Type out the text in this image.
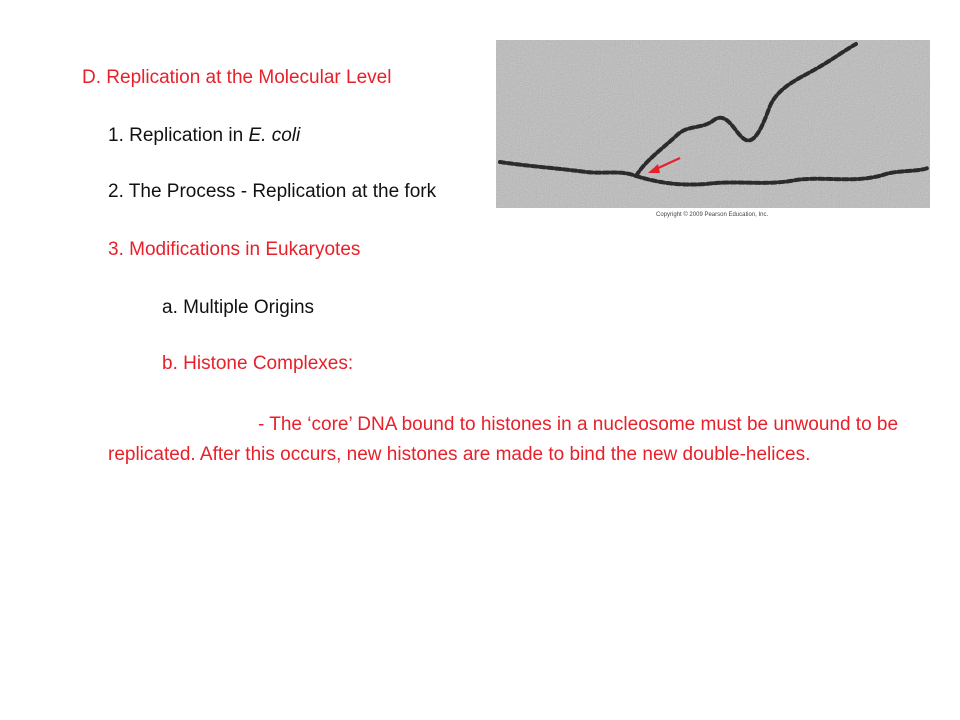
D. Replication at the Molecular Level

1. Replication in E. coli

2. The Process - Replication at the fork

3. Modifications in Eukaryotes

a. Multiple Origins

b. Histone Complexes:

- The ‘core’ DNA bound to histones in a nucleosome must be unwound to be replicated. After this occurs, new histones are made to bind the new double-helices.

Copyright © 2009 Pearson Education, Inc.
